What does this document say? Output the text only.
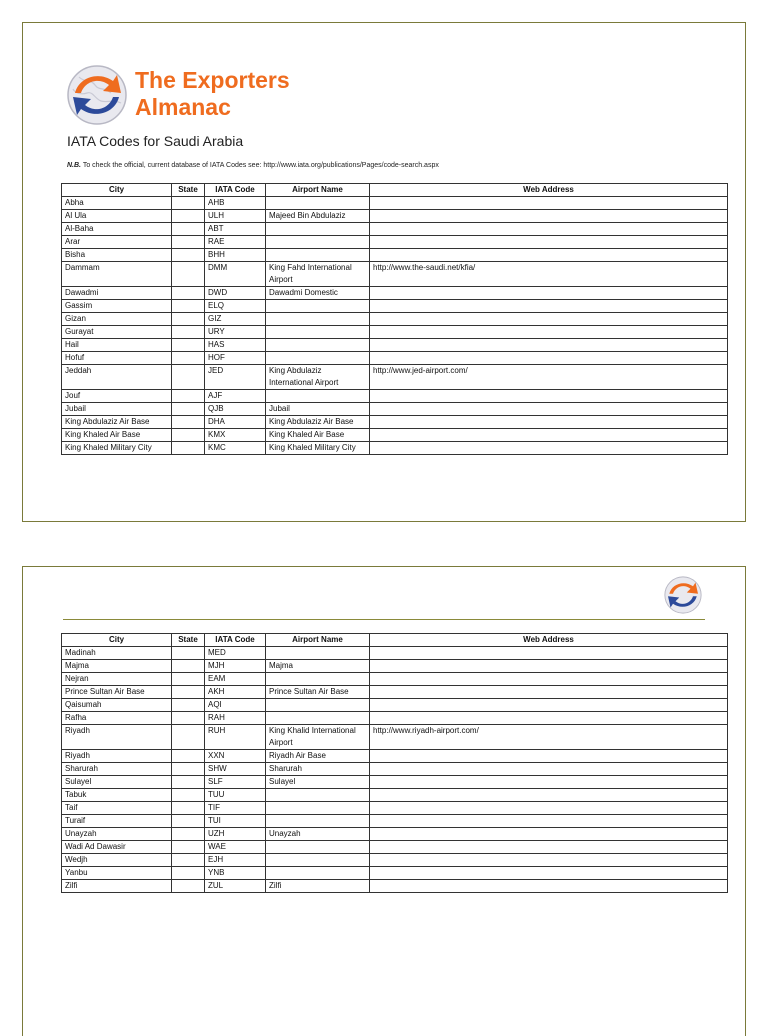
The Exporters
Almanac
IATA Codes for Saudi Arabia
N.B. To check the official, current database of IATA Codes see: http://www.iata.org/publications/Pages/code-search.aspx
City	State	IATA Code	Airport Name	Web Address
Abha		AHB		
Al Ula		ULH	Majeed Bin Abdulaziz	
Al-Baha		ABT		
Arar		RAE		
Bisha		BHH		
Dammam		DMM	King Fahd International Airport	http://www.the-saudi.net/kfia/
Dawadmi		DWD	Dawadmi Domestic	
Gassim		ELQ		
Gizan		GIZ		
Gurayat		URY		
Hail		HAS		
Hofuf		HOF		
Jeddah		JED	King Abdulaziz International Airport	http://www.jed-airport.com/
Jouf		AJF		
Jubail		QJB	Jubail	
King Abdulaziz Air Base		DHA	King Abdulaziz Air Base	
King Khaled Air Base		KMX	King Khaled Air Base	
King Khaled Military City		KMC	King Khaled Military City	
City	State	IATA Code	Airport Name	Web Address
Madinah		MED		
Majma		MJH	Majma	
Nejran		EAM		
Prince Sultan Air Base		AKH	Prince Sultan Air Base	
Qaisumah		AQI		
Rafha		RAH		
Riyadh		RUH	King Khalid International Airport	http://www.riyadh-airport.com/
Riyadh		XXN	Riyadh Air Base	
Sharurah		SHW	Sharurah	
Sulayel		SLF	Sulayel	
Tabuk		TUU		
Taif		TIF		
Turaif		TUI		
Unayzah		UZH	Unayzah	
Wadi Ad Dawasir		WAE		
Wedjh		EJH		
Yanbu		YNB		
Zilfi		ZUL	Zilfi	
